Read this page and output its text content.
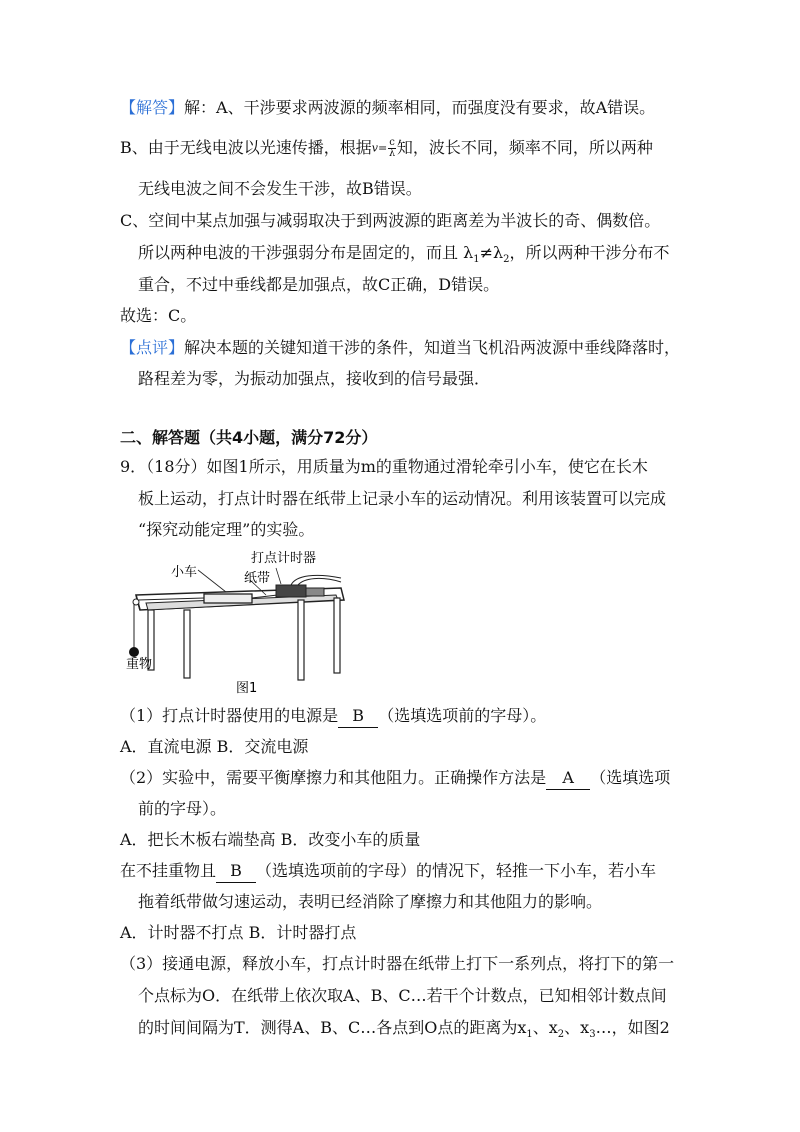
【解答】解：A、干涉要求两波源的频率相同，而强度没有要求，故A错误。
B、由于无线电波以光速传播，根据$v= \frac{c}{\lambda}$ 知，波长不同，频率不同，所以两种
无线电波之间不会发生干涉，故B错误。
C、空间中某点加强与减弱取决于到两波源的距离差为半波长的奇、偶数倍。
所以两种电波的干涉强弱分布是固定的，而且 $\lambda_1\ne\lambda_2$，所以两种干涉分布不
重合，不过中垂线都是加强点，故C正确，D错误。
故选：C。
【点评】解决本题的关键知道干涉的条件，知道当飞机沿两波源中垂线降落时，
路程差为零，为振动加强点，接收到的信号最强．
二、解答题（共4小题，满分72分）
9．（18分）如图1所示，用质量为m的重物通过滑轮牵引小车，使它在长木
板上运动，打点计时器在纸带上记录小车的运动情况。利用该装置可以完成
“探究动能定理”的实验。
打点计时器
小车	纸带
重物
图1
（1）打点计时器使用的电源是 B （选填选项前的字母）。
A．直流电源 B．交流电源
（2）实验中，需要平衡摩擦力和其他阻力。正确操作方法是 A （选填选项
前的字母）。
A．把长木板右端垫高 B．改变小车的质量
在不挂重物且 B （选填选项前的字母）的情况下，轻推一下小车，若小车
拖着纸带做匀速运动，表明已经消除了摩擦力和其他阻力的影响。
A．计时器不打点 B．计时器打点
（3）接通电源，释放小车，打点计时器在纸带上打下一系列点，将打下的第一
个点标为O．在纸带上依次取A、B、C…若干个计数点，已知相邻计数点间
的时间间隔为T．测得A、B、C…各点到O点的距离为$x_1$、$x_2$、$x_3\dots$，如图2
